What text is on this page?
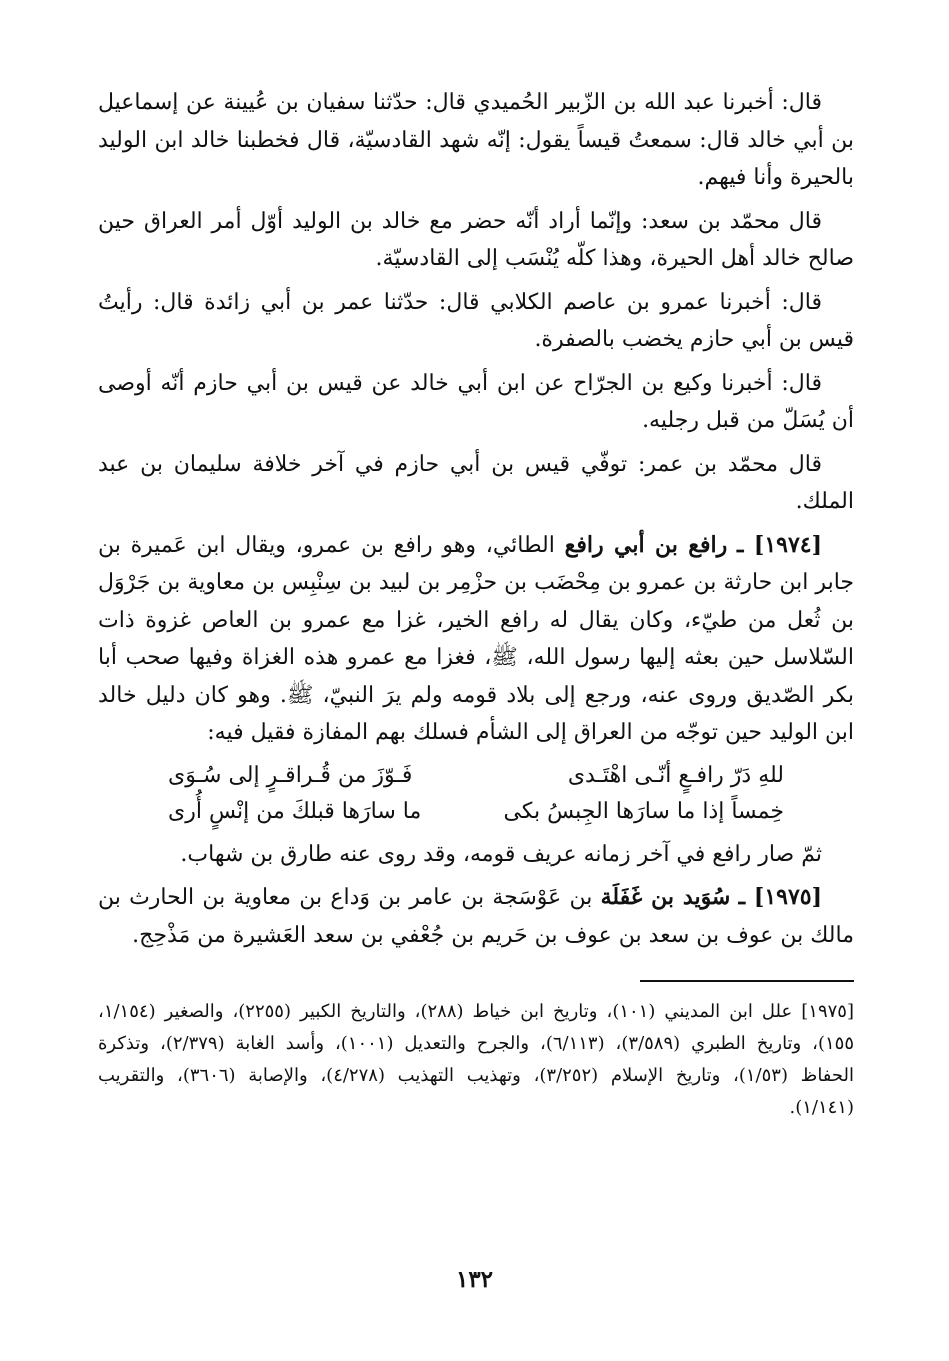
قال: أخبرنا عبد الله بن الزّبير الحُميدي قال: حدّثنا سفيان بن عُيينة عن إسماعيل بن أبي خالد قال: سمعتُ قيساً يقول: إنّه شهد القادسيّة، قال فخطبنا خالد ابن الوليد بالحيرة وأنا فيهم.

قال محمّد بن سعد: وإنّما أراد أنّه حضر مع خالد بن الوليد أوّل أمر العراق حين صالح خالد أهل الحيرة، وهذا كلّه يُنْسَب إلى القادسيّة.

قال: أخبرنا عمرو بن عاصم الكلابي قال: حدّثنا عمر بن أبي زائدة قال: رأيتُ قيس بن أبي حازم يخضب بالصفرة.

قال: أخبرنا وكيع بن الجرّاح عن ابن أبي خالد عن قيس بن أبي حازم أنّه أوصى أن يُسَلّ من قبل رجليه.

قال محمّد بن عمر: توفّي قيس بن أبي حازم في آخر خلافة سليمان بن عبد الملك.

[١٩٧٤] ـ رافع بن أبي رافع الطائي، وهو رافع بن عمرو، ويقال ابن عَميرة بن جابر ابن حارثة بن عمرو بن مِحْضَب بن حزْمِر بن لبيد بن سِنْبِس بن معاوية بن جَرْوَل بن ثُعل من طيّء، وكان يقال له رافع الخير، غزا مع عمرو بن العاص غزوة ذات السّلاسل حين بعثه إليها رسول الله، ﷺ، فغزا مع عمرو هذه الغزاة وفيها صحب أبا بكر الصّديق وروى عنه، ورجع إلى بلاد قومه ولم يرَ النبيّ، ﷺ. وهو كان دليل خالد ابن الوليد حين توجّه من العراق إلى الشأم فسلك بهم المفازة فقيل فيه:

للهِ دَرّ رافـعٍ أنّـى اهْتَـدى
فَـوّزَ من قُـراقـرٍ إلى سُـوَى
خِمساً إذا ما سارَها الجِبسُ بكى
ما سارَها قبلكَ من إنْسٍ أُرى

ثمّ صار رافع في آخر زمانه عريف قومه، وقد روى عنه طارق بن شهاب.

[١٩٧٥] ـ سُوَيد بن غَفَلَة بن عَوْسَجة بن عامر بن وَداع بن معاوية بن الحارث بن مالك بن عوف بن سعد بن عوف بن حَريم بن جُعْفي بن سعد العَشيرة من مَذْحِج.

[١٩٧٥] علل ابن المديني (١٠١)، وتاريخ ابن خياط (٢٨٨)، والتاريخ الكبير (٢٢٥٥)، والصغير (١/١٥٤، ١٥٥)، وتاريخ الطبري (٣/٥٨٩)، (٦/١١٣)، والجرح والتعديل (١٠٠١)، وأسد الغابة (٢/٣٧٩)، وتذكرة الحفاظ (١/٥٣)، وتاريخ الإسلام (٣/٢٥٢)، وتهذيب التهذيب (٤/٢٧٨)، والإصابة (٣٦٠٦)، والتقريب (١/١٤١).

١٣٢
